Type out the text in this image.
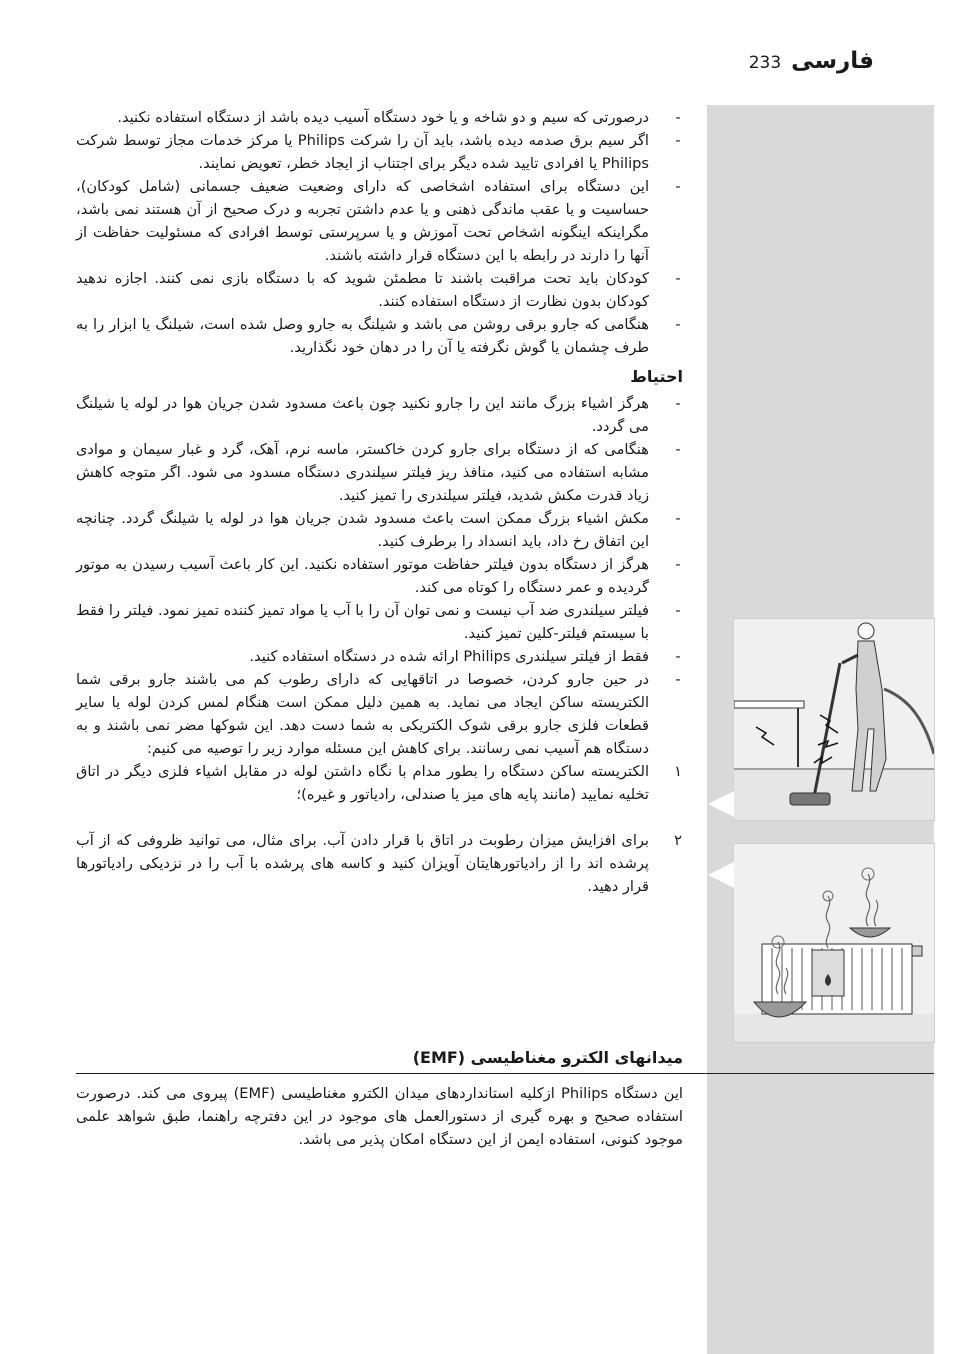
233 فارسی
-
درصورتی که سیم و دو شاخه و یا خود دستگاه آسیب دیده باشد از دستگاه استفاده نکنید.
-
اگر سیم برق صدمه دیده باشد، باید آن را شرکت Philips یا مرکز خدمات مجاز توسط شرکت Philips یا افرادی تایید شده دیگر برای اجتناب از ایجاد خطر، تعویض نمایند.
-
این دستگاه برای استفاده اشخاصی که دارای وضعیت ضعیف جسمانی (شامل کودکان)، حساسیت و یا عقب ماندگی ذهنی و یا عدم داشتن تجربه و درک صحیح از آن هستند نمی باشد، مگراینکه اینگونه اشخاص تحت آموزش و یا سرپرستی توسط افرادی که مسئولیت حفاظت از آنها را دارند در رابطه با این دستگاه قرار داشته باشند.
-
کودکان باید تحت مراقبت باشند تا مطمئن شوید که با دستگاه بازی نمی کنند. اجازه ندهید کودکان بدون نظارت از دستگاه استفاده کنند.
-
هنگامی که جارو برقی روشن می باشد و شیلنگ به جارو وصل شده است، شیلنگ یا ابزار را به طرف چشمان یا گوش نگرفته یا آن را در دهان خود نگذارید.
احتیاط
-
هرگز اشیاء بزرگ مانند این را جارو نکنید چون باعث مسدود شدن جریان هوا در لوله یا شیلنگ می گردد.
-
هنگامی که از دستگاه برای جارو کردن خاکستر، ماسه نرم، آهک، گرد و غبار سیمان و موادی مشابه استفاده می کنید، منافذ ریز فیلتر سیلندری دستگاه مسدود می شود. اگر متوجه کاهش زیاد قدرت مکش شدید، فیلتر سیلندری را تمیز کنید.
-
مکش اشیاء بزرگ ممکن است باعث مسدود شدن جریان هوا در لوله یا شیلنگ گردد. چنانچه این اتفاق رخ داد، باید انسداد را برطرف کنید.
-
هرگز از دستگاه بدون فیلتر حفاظت موتور استفاده نکنید. این کار باعث آسیب رسیدن به موتور گردیده و عمر دستگاه را کوتاه می کند.
-
فیلتر سیلندری ضد آب نیست و نمی توان آن را با آب یا مواد تمیز کننده تمیز نمود. فیلتر را فقط با سیستم فیلتر-کلین تمیز کنید.
-
فقط از فیلتر سیلندری Philips ارائه شده در دستگاه استفاده کنید.
-
در حین جارو کردن، خصوصا در اتاقهایی که دارای رطوب کم می باشند جارو برقی شما الکتریسته ساکن ایجاد می نماید. به همین دلیل ممکن است هنگام لمس کردن لوله یا سایر قطعات فلزی جارو برقی شوک الکتریکی به شما دست دهد. این شوکها مضر نمی باشند و به دستگاه هم آسیب نمی رسانند. برای کاهش این مسئله موارد زیر را توصیه می کنیم:
۱
الکتریسته ساکن دستگاه را بطور مدام با نگاه داشتن لوله در مقابل اشیاء فلزی دیگر در اتاق تخلیه نمایید (مانند پایه های میز یا صندلی، رادیاتور و غیره)؛
۲
برای افزایش میزان رطوبت در اتاق با قرار دادن آب. برای مثال، می توانید ظروفی که از آب پرشده اند را از رادیاتورهایتان آویزان کنید و کاسه های پرشده با آب را در نزدیکی رادیاتورها قرار دهید.
میدانهای الکترو مغناطیسی (EMF)
این دستگاه Philips ازکلیه استانداردهای میدان الکترو مغناطیسی (EMF) پیروی می کند. درصورت استفاده صحیح و بهره گیری از دستورالعمل های موجود در این دفترچه راهنما، طبق شواهد علمی موجود کنونی، استفاده ایمن از این دستگاه امکان پذیر می باشد.
